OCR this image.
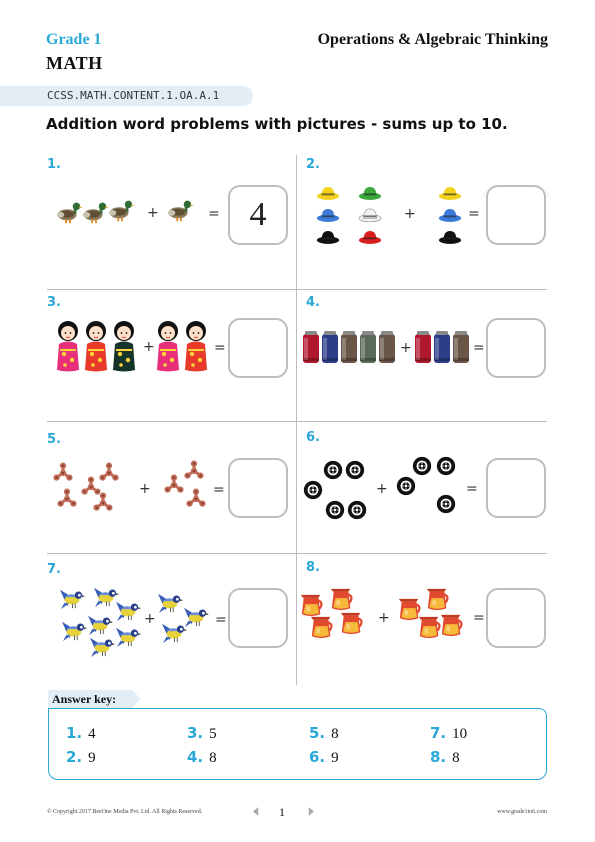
Grade 1
MATH
Operations & Algebraic Thinking
CCSS.MATH.CONTENT.1.OA.A.1
Addition word problems with pictures - sums up to 10.
1.
+	= 4
2.
+	=
3.
+	=
4.
+	=
5.
+	=
6.
+	=
7.
+	=
8.
+	=
Answer key:
1. 4
2. 9
3. 5
4. 8
5. 8
6. 9
7. 10
8. 8
© Copyright 2017 BeeOne Media Pvt. Ltd. All Rights Reserved.	1	www.grade1to6.com
